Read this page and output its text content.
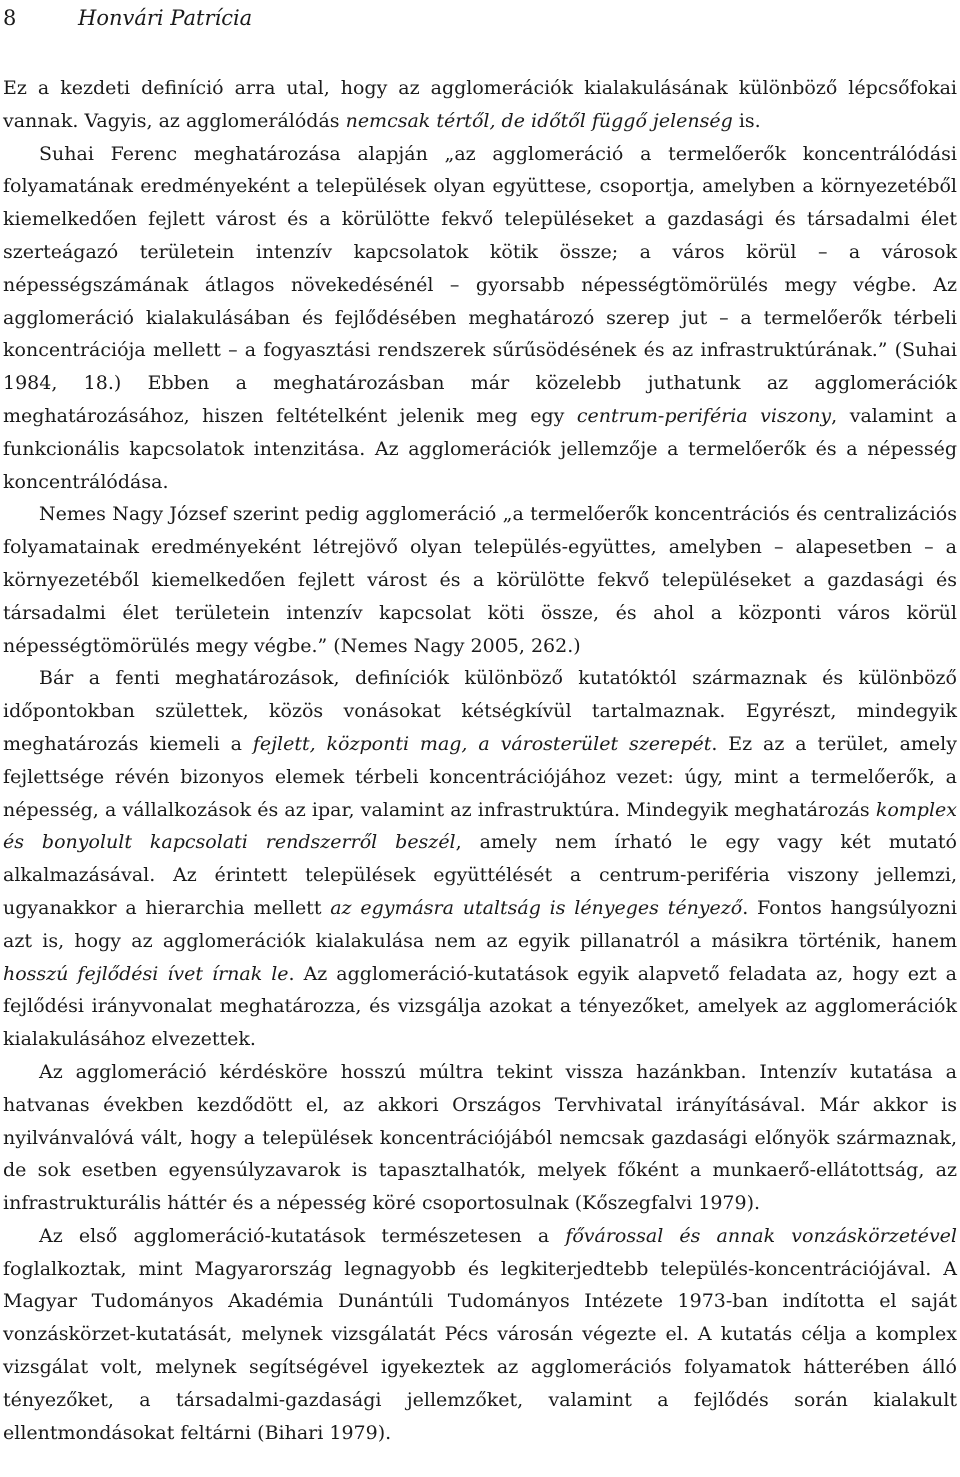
8	Honvári Patrícia

Ez a kezdeti definíció arra utal, hogy az agglomerációk kialakulásának különböző lépcsőfokai vannak. Vagyis, az agglomerálódás nemcsak tértől, de időtől függő jelenség is.

Suhai Ferenc meghatározása alapján „az agglomeráció a termelőerők koncentrálódási folyamatának eredményeként a települések olyan együttese, csoportja, amelyben a környezetéből kiemelkedően fejlett várost és a körülötte fekvő településeket a gazdasági és társadalmi élet szerteágazó területein intenzív kapcsolatok kötik össze; a város körül – a városok népességszámának átlagos növekedésénél – gyorsabb népességtömörülés megy végbe. Az agglomeráció kialakulásában és fejlődésében meghatározó szerep jut – a termelőerők térbeli koncentrációja mellett – a fogyasztási rendszerek sűrűsödésének és az infrastruktúrának.” (Suhai 1984, 18.) Ebben a meghatározásban már közelebb juthatunk az agglomerációk meghatározásához, hiszen feltételként jelenik meg egy centrum-periféria viszony, valamint a funkcionális kapcsolatok intenzitása. Az agglomerációk jellemzője a termelőerők és a népesség koncentrálódása.

Nemes Nagy József szerint pedig agglomeráció „a termelőerők koncentrációs és centralizációs folyamatainak eredményeként létrejövő olyan település-együttes, amelyben – alapesetben – a környezetéből kiemelkedően fejlett várost és a körülötte fekvő településeket a gazdasági és társadalmi élet területein intenzív kapcsolat köti össze, és ahol a központi város körül népességtömörülés megy végbe.” (Nemes Nagy 2005, 262.)

Bár a fenti meghatározások, definíciók különböző kutatóktól származnak és különböző időpontokban születtek, közös vonásokat kétségkívül tartalmaznak. Egyrészt, mindegyik meghatározás kiemeli a fejlett, központi mag, a városterület szerepét. Ez az a terület, amely fejlettsége révén bizonyos elemek térbeli koncentrációjához vezet: úgy, mint a termelőerők, a népesség, a vállalkozások és az ipar, valamint az infrastruktúra. Mindegyik meghatározás komplex és bonyolult kapcsolati rendszerről beszél, amely nem írható le egy vagy két mutató alkalmazásával. Az érintett települések együttélését a centrum-periféria viszony jellemzi, ugyanakkor a hierarchia mellett az egymásra utaltság is lényeges tényező. Fontos hangsúlyozni azt is, hogy az agglomerációk kialakulása nem az egyik pillanatról a másikra történik, hanem hosszú fejlődési ívet írnak le. Az agglomeráció-kutatások egyik alapvető feladata az, hogy ezt a fejlődési irányvonalat meghatározza, és vizsgálja azokat a tényezőket, amelyek az agglomerációk kialakulásához elvezettek.

Az agglomeráció kérdésköre hosszú múltra tekint vissza hazánkban. Intenzív kutatása a hatvanas években kezdődött el, az akkori Országos Tervhivatal irányításával. Már akkor is nyilvánvalóvá vált, hogy a települések koncentrációjából nemcsak gazdasági előnyök származnak, de sok esetben egyensúlyzavarok is tapasztalhatók, melyek főként a munkaerő-ellátottság, az infrastrukturális háttér és a népesség köré csoportosulnak (Kőszegfalvi 1979).

Az első agglomeráció-kutatások természetesen a fővárossal és annak vonzáskörzetével foglalkoztak, mint Magyarország legnagyobb és legkiterjedtebb település-koncentrációjával. A Magyar Tudományos Akadémia Dunántúli Tudományos Intézete 1973-ban indította el saját vonzáskörzet-kutatását, melynek vizsgálatát Pécs városán végezte el. A kutatás célja a komplex vizsgálat volt, melynek segítségével igyekeztek az agglomerációs folyamatok hátterében álló tényezőket, a társadalmi-gazdasági jellemzőket, valamint a fejlődés során kialakult ellentmondásokat feltárni (Bihari 1979).
